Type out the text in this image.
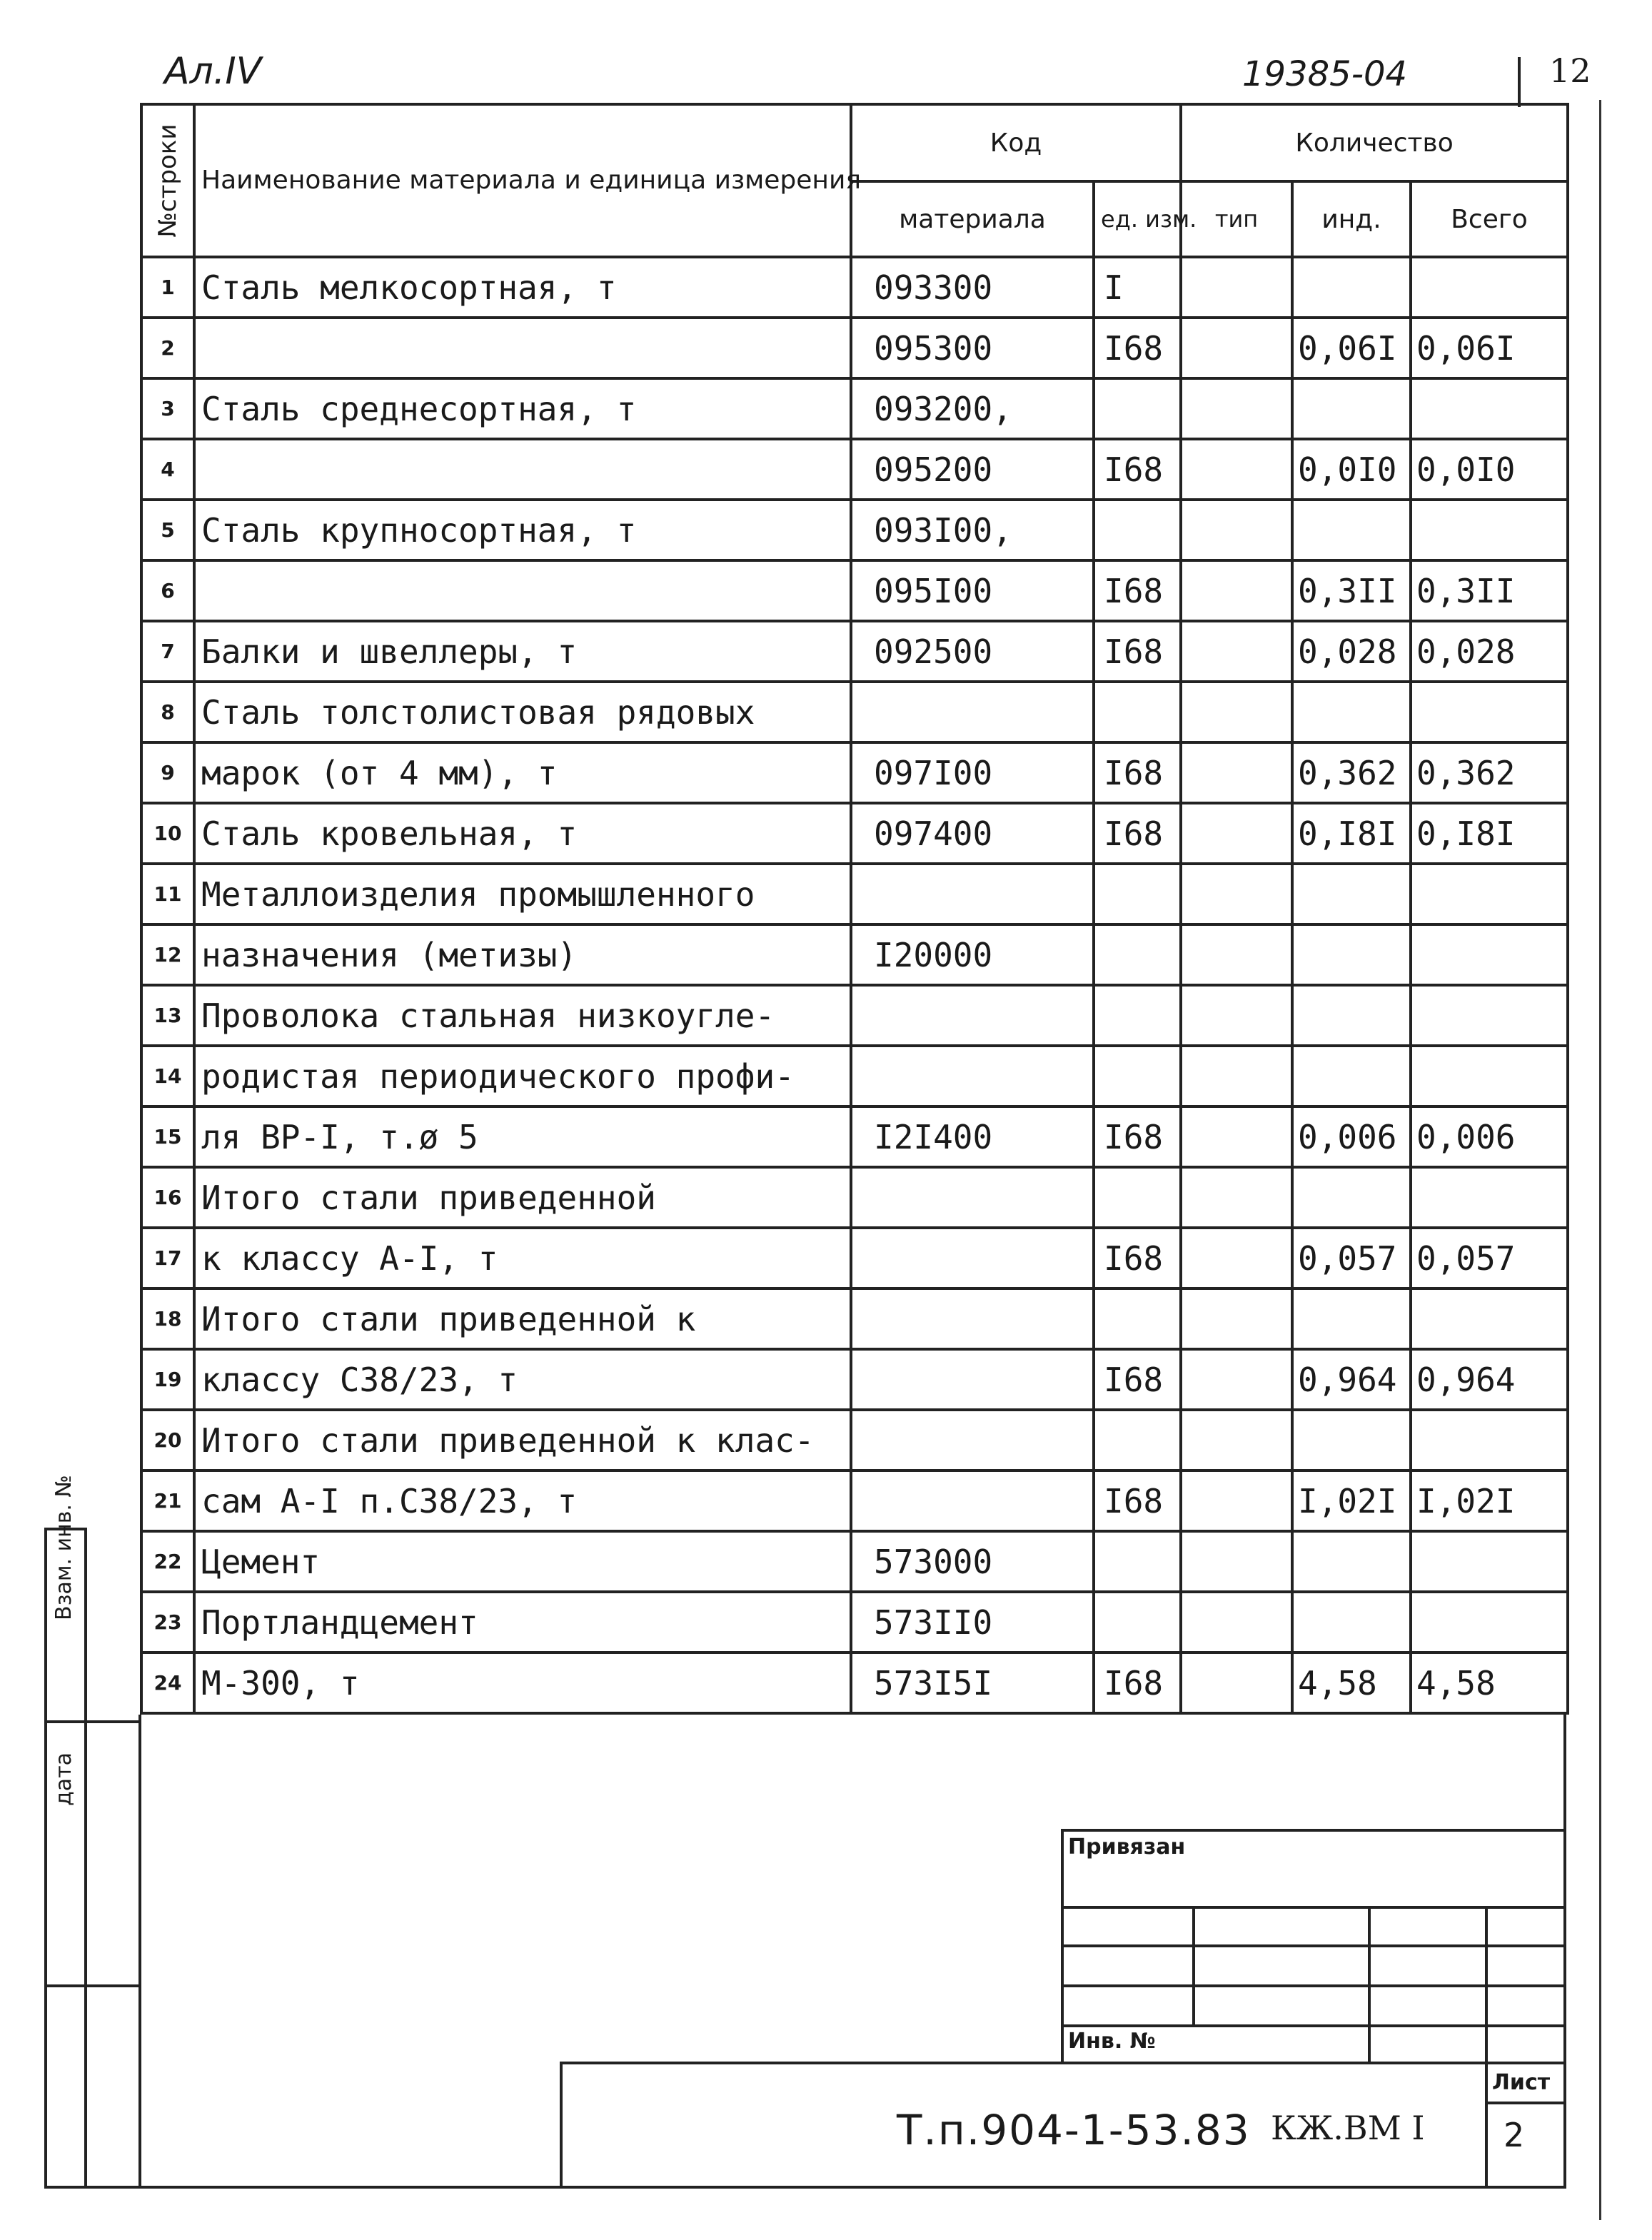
Ал.IV	19385-04	12
№строки	Наименование материала и единица измерения	Код		Количество		
		материала	ед. изм.	тип	инд.	Всего
1	Сталь мелкосортная, т	093300	I			
2		095300	I68		0,06I	0,06I
3	Сталь среднесортная, т	093200,				
4		095200	I68		0,0I0	0,0I0
5	Сталь крупносортная, т	093I00,				
6		095I00	I68		0,3II	0,3II
7	Балки и швеллеры, т	092500	I68		0,028	0,028
8	Сталь толстолистовая рядовых					
9	марок (от 4 мм), т	097I00	I68		0,362	0,362
10	Сталь кровельная, т	097400	I68		0,I8I	0,I8I
11	Металлоизделия промышленного					
12	назначения (метизы)	I20000				
13	Проволока стальная низкоугле-					
14	родистая периодического профи-					
15	ля ВР-I, т.ø 5	I2I400	I68		0,006	0,006
16	Итого стали приведенной					
17	к классу А-I, т		I68		0,057	0,057
18	Итого стали приведенной к					
19	классу С38/23, т		I68		0,964	0,964
20	Итого стали приведенной к клас-					
21	сам А-I п.С38/23, т		I68		I,02I	I,02I
22	Цемент	573000				
23	Портландцемент	573II0				
24	М-300, т	573I5I	I68		4,58	4,58
Взам. инв. №
дата
Привязан
Инв. №
Лист
2
Т.п.904-1-53.83 КЖ.ВМ I
